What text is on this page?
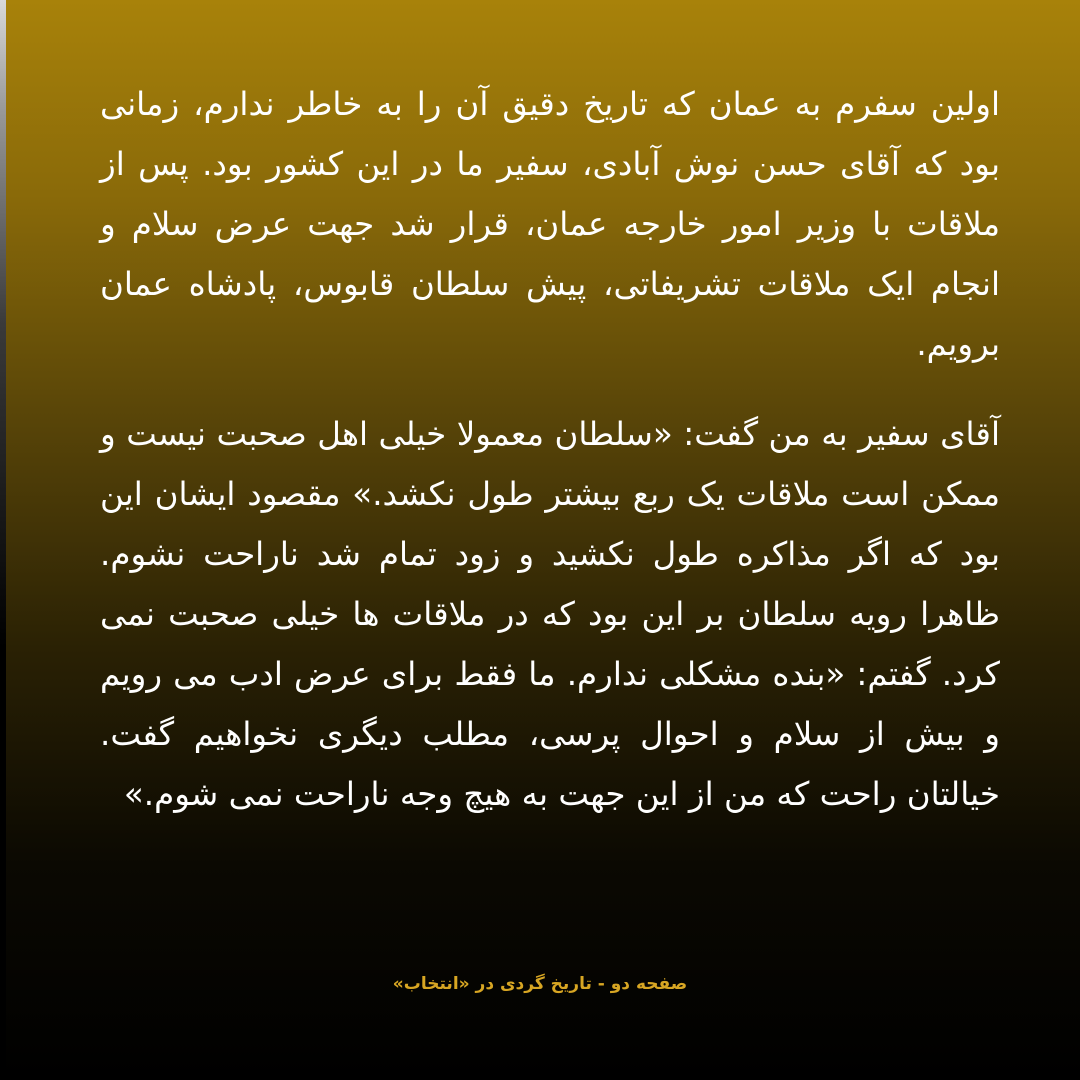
اولین سفرم به عمان که تاریخ دقیق آن را به خاطر ندارم، زمانی بود که آقای حسن نوش آبادی، سفیر ما در این کشور بود. پس از ملاقات با وزیر امور خارجه عمان، قرار شد جهت عرض سلام و انجام ایک ملاقات تشریفاتی، پیش سلطان قابوس، پادشاه عمان برویم.

آقای سفیر به من گفت: «سلطان معمولا خیلی اهل صحبت نیست و ممکن است ملاقات یک ربع بیشتر طول نکشد.» مقصود ایشان این بود که اگر مذاکره طول نکشید و زود تمام شد ناراحت نشوم. ظاهرا رویه سلطان بر این بود که در ملاقات ها خیلی صحبت نمی کرد. گفتم: «بنده مشکلی ندارم. ما فقط برای عرض ادب می رویم و بیش از سلام و احوال پرسی، مطلب دیگری نخواهیم گفت. خیالتان راحت که من از این جهت به هیچ وجه ناراحت نمی شوم.»

صفحه دو - تاریخ گردی در «انتخاب»
